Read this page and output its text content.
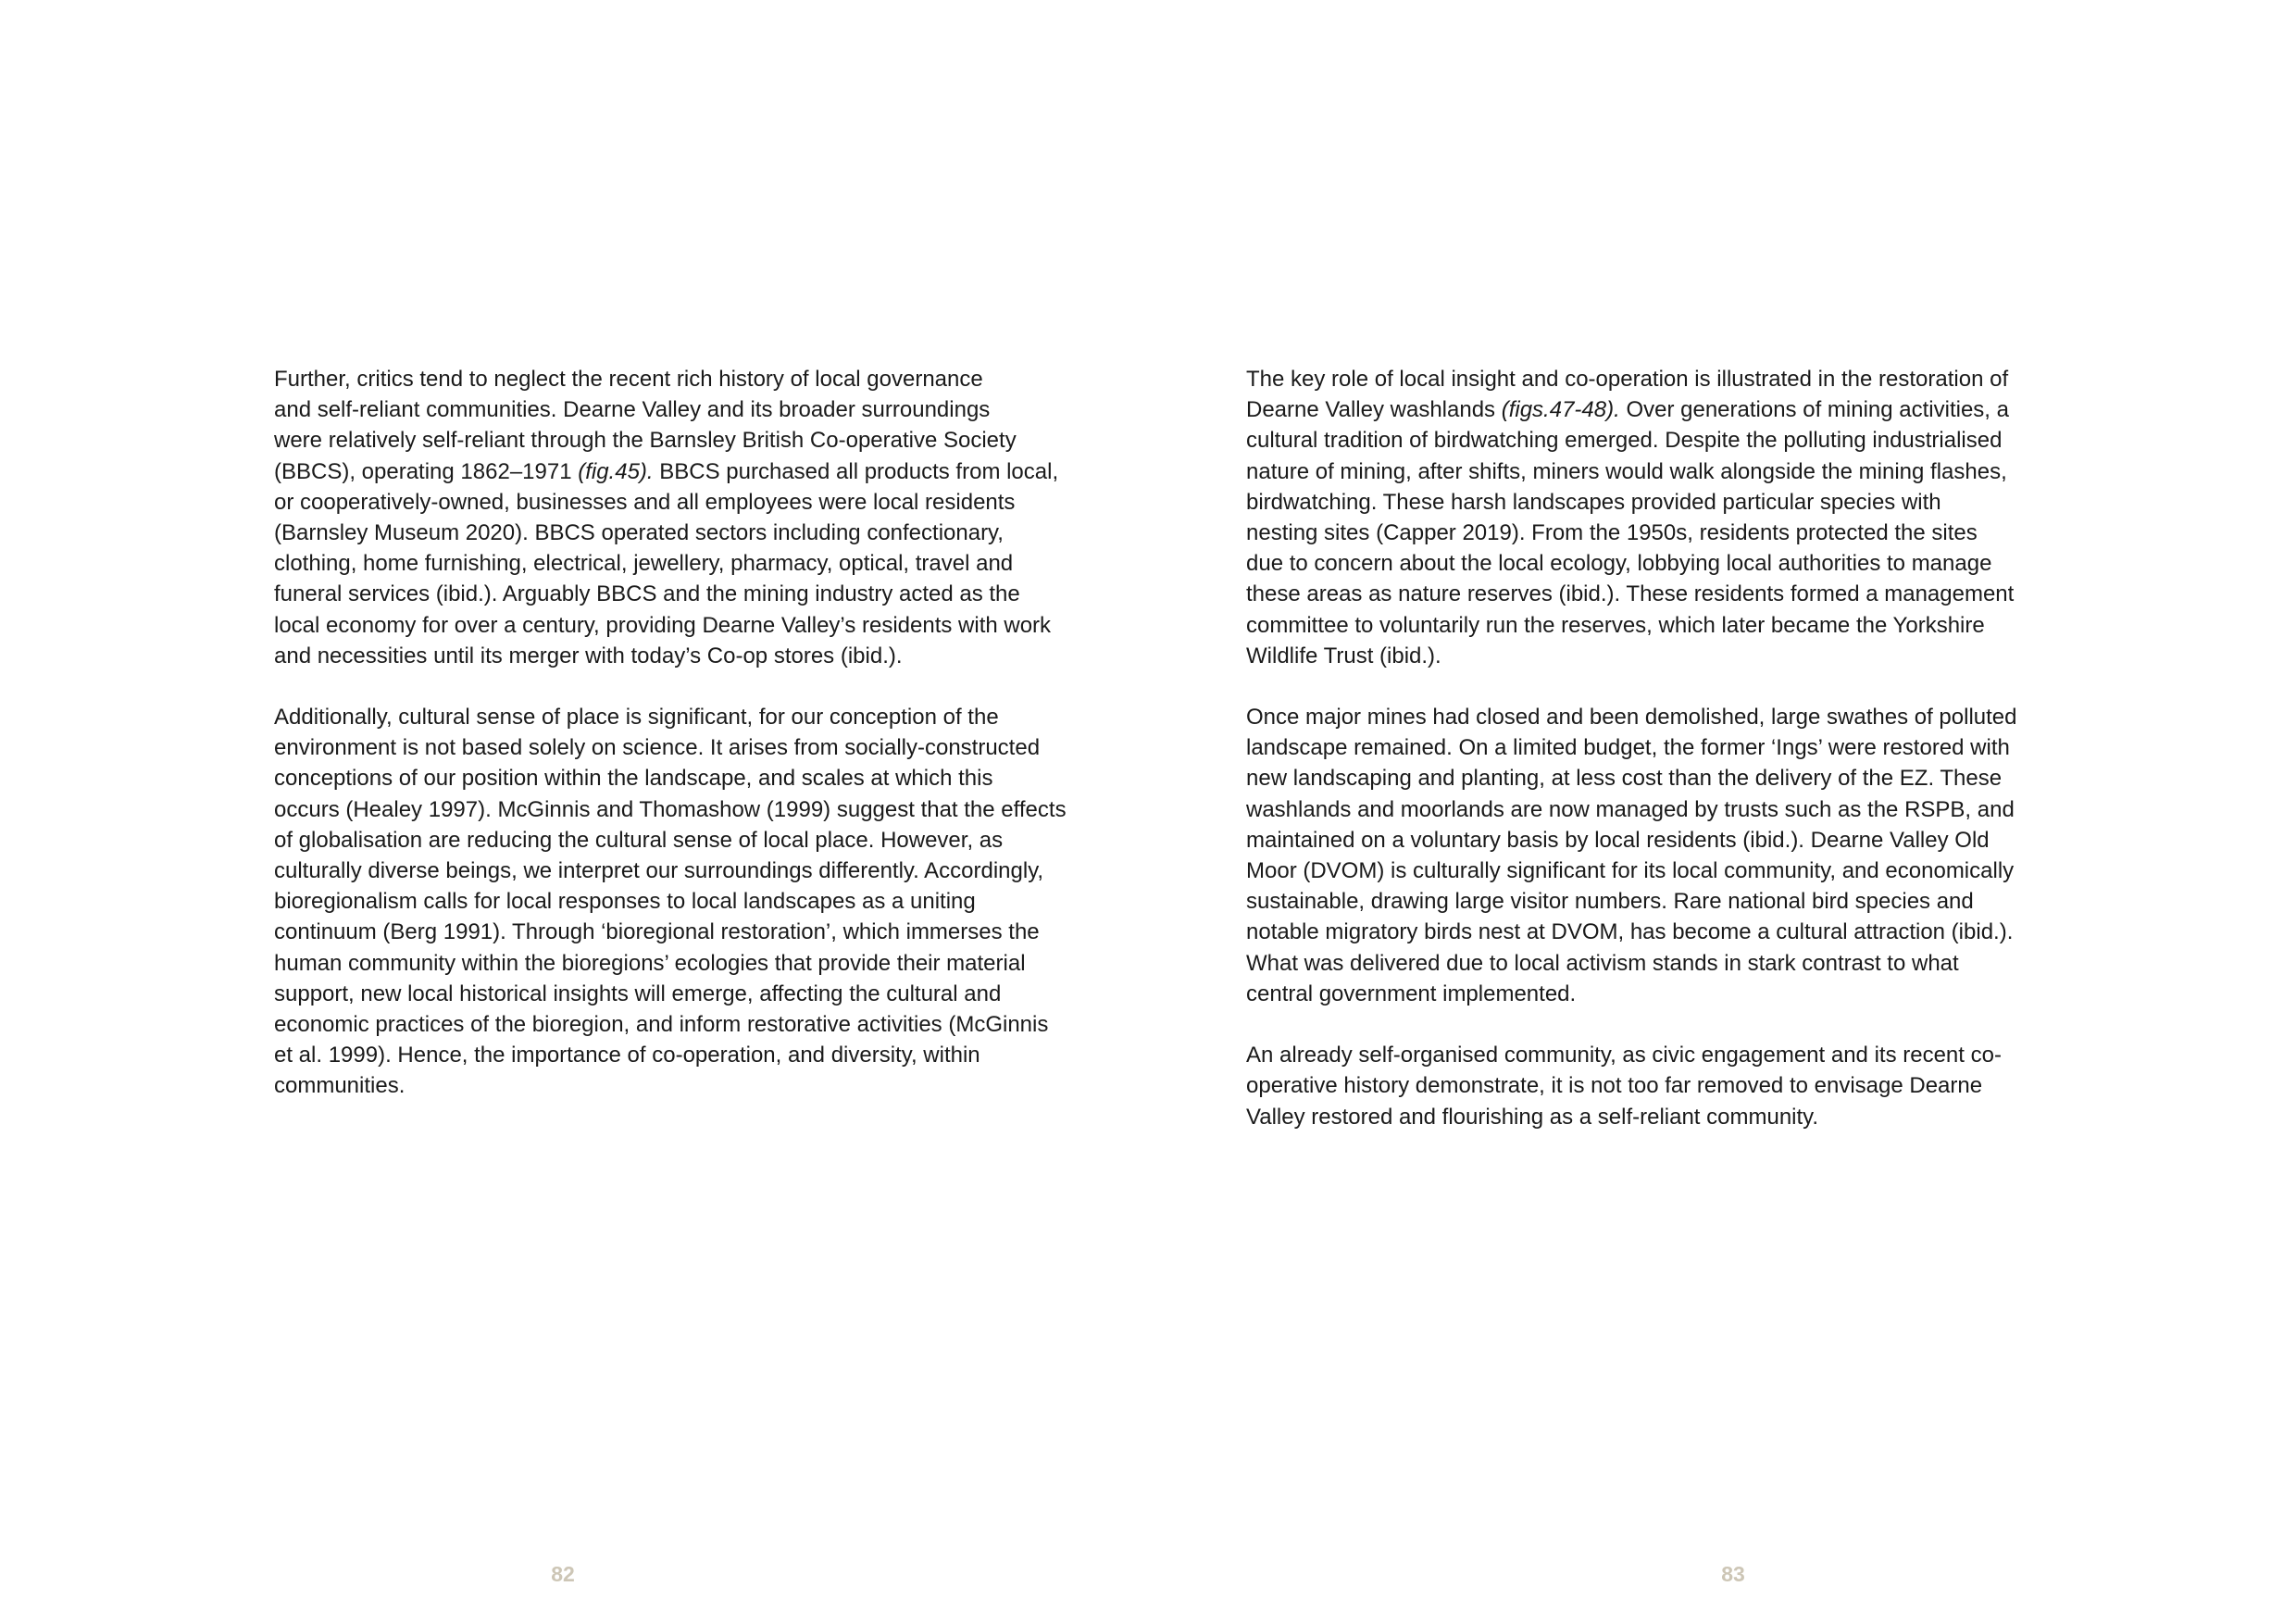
Further, critics tend to neglect the recent rich history of local governance
and self-reliant communities. Dearne Valley and its broader surroundings
were relatively self-reliant through the Barnsley British Co-operative Society
(BBCS), operating 1862–1971 (fig.45). BBCS purchased all products from local,
or cooperatively-owned, businesses and all employees were local residents
(Barnsley Museum 2020). BBCS operated sectors including confectionary,
clothing, home furnishing, electrical, jewellery, pharmacy, optical, travel and
funeral services (ibid.). Arguably BBCS and the mining industry acted as the
local economy for over a century, providing Dearne Valley’s residents with work
and necessities until its merger with today’s Co-op stores (ibid.).
Additionally, cultural sense of place is significant, for our conception of the
environment is not based solely on science. It arises from socially-constructed
conceptions of our position within the landscape, and scales at which this
occurs (Healey 1997). McGinnis and Thomashow (1999) suggest that the effects
of globalisation are reducing the cultural sense of local place. However, as
culturally diverse beings, we interpret our surroundings differently. Accordingly,
bioregionalism calls for local responses to local landscapes as a uniting
continuum (Berg 1991). Through ‘bioregional restoration’, which immerses the
human community within the bioregions’ ecologies that provide their material
support, new local historical insights will emerge, affecting the cultural and
economic practices of the bioregion, and inform restorative activities (McGinnis
et al. 1999). Hence, the importance of co-operation, and diversity, within
communities.
82
The key role of local insight and co-operation is illustrated in the restoration of
Dearne Valley washlands (figs.47-48). Over generations of mining activities, a
cultural tradition of birdwatching emerged. Despite the polluting industrialised
nature of mining, after shifts, miners would walk alongside the mining flashes,
birdwatching. These harsh landscapes provided particular species with
nesting sites (Capper 2019). From the 1950s, residents protected the sites
due to concern about the local ecology, lobbying local authorities to manage
these areas as nature reserves (ibid.). These residents formed a management
committee to voluntarily run the reserves, which later became the Yorkshire
Wildlife Trust (ibid.).
Once major mines had closed and been demolished, large swathes of polluted
landscape remained. On a limited budget, the former ‘Ings’ were restored with
new landscaping and planting, at less cost than the delivery of the EZ. These
washlands and moorlands are now managed by trusts such as the RSPB, and
maintained on a voluntary basis by local residents (ibid.). Dearne Valley Old
Moor (DVOM) is culturally significant for its local community, and economically
sustainable, drawing large visitor numbers. Rare national bird species and
notable migratory birds nest at DVOM, has become a cultural attraction (ibid.).
What was delivered due to local activism stands in stark contrast to what
central government implemented.
An already self-organised community, as civic engagement and its recent co-
operative history demonstrate, it is not too far removed to envisage Dearne
Valley restored and flourishing as a self-reliant community.
83
